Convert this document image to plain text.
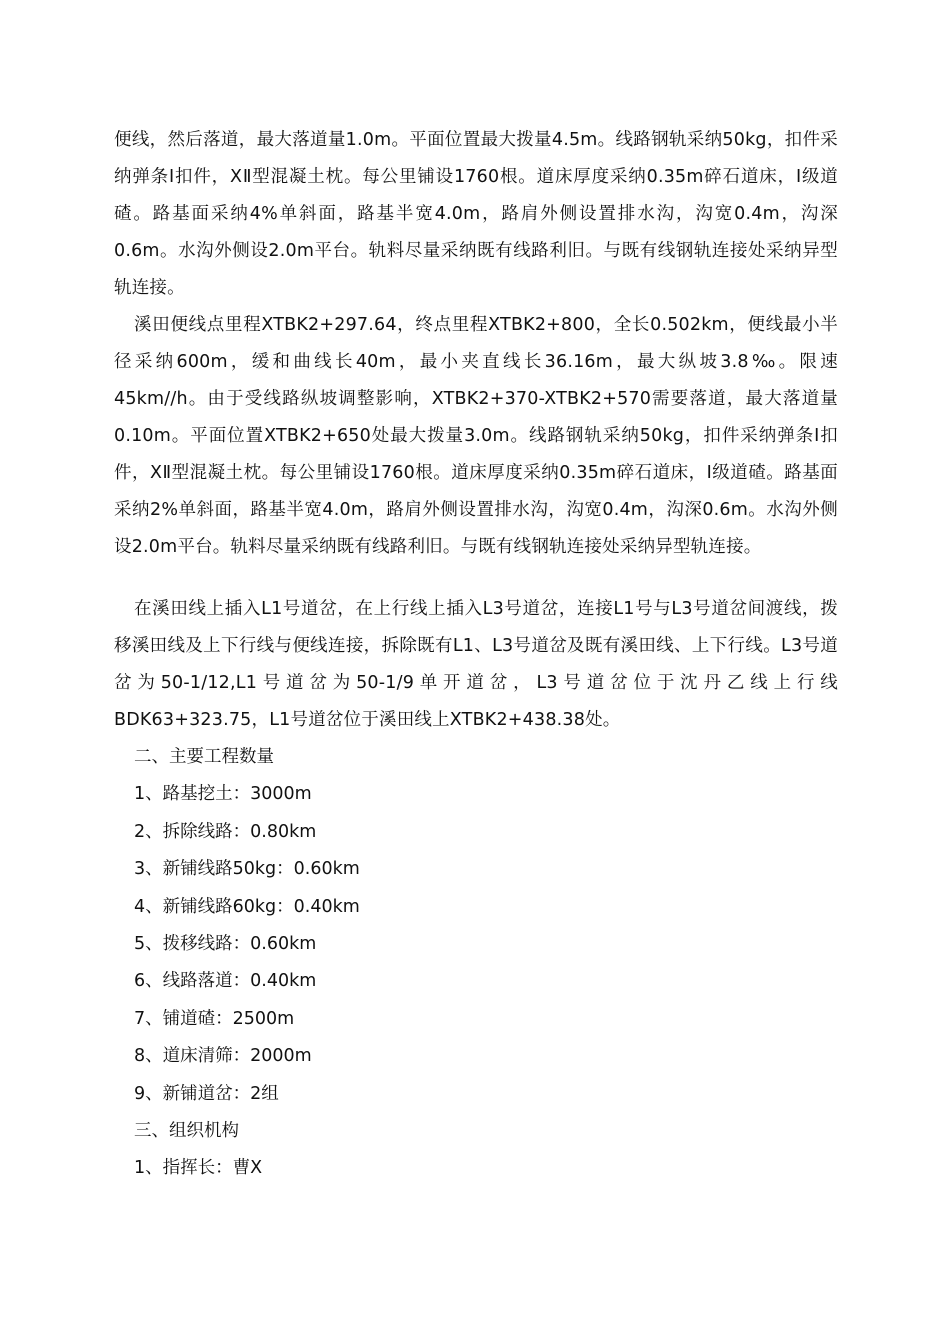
便线，然后落道，最大落道量1.0m。平面位置最大拨量4.5m。线路钢轨采纳50kg，扣件采纳弹条Ⅰ扣件，XⅡ型混凝土枕。每公里铺设1760根。道床厚度采纳0.35m碎石道床，Ⅰ级道碴。路基面采纳4%单斜面，路基半宽4.0m，路肩外侧设置排水沟，沟宽0.4m，沟深0.6m。水沟外侧设2.0m平台。轨料尽量采纳既有线路利旧。与既有线钢轨连接处采纳异型轨连接。

溪田便线点里程XTBK2+297.64，终点里程XTBK2+800，全长0.502km，便线最小半径采纳600m，缓和曲线长40m，最小夹直线长36.16m，最大纵坡3.8‰。限速45km//h。由于受线路纵坡调整影响，XTBK2+370-XTBK2+570需要落道，最大落道量0.10m。平面位置XTBK2+650处最大拨量3.0m。线路钢轨采纳50kg，扣件采纳弹条Ⅰ扣件，XⅡ型混凝土枕。每公里铺设1760根。道床厚度采纳0.35m碎石道床，Ⅰ级道碴。路基面采纳2%单斜面，路基半宽4.0m，路肩外侧设置排水沟，沟宽0.4m，沟深0.6m。水沟外侧设2.0m平台。轨料尽量采纳既有线路利旧。与既有线钢轨连接处采纳异型轨连接。

在溪田线上插入L1号道岔，在上行线上插入L3号道岔，连接L1号与L3号道岔间渡线，拨移溪田线及上下行线与便线连接，拆除既有L1、L3号道岔及既有溪田线、上下行线。L3号道岔为50-1/12,L1号道岔为50-1/9单开道岔，L3号道岔位于沈丹乙线上行线BDK63+323.75，L1号道岔位于溪田线上XTBK2+438.38处。

二、主要工程数量

1、路基挖土：3000m

2、拆除线路：0.80km

3、新铺线路50kg：0.60km

4、新铺线路60kg：0.40km

5、拨移线路：0.60km

6、线路落道：0.40km

7、铺道碴：2500m

8、道床清筛：2000m

9、新铺道岔：2组

三、组织机构

1、指挥长：曹X
